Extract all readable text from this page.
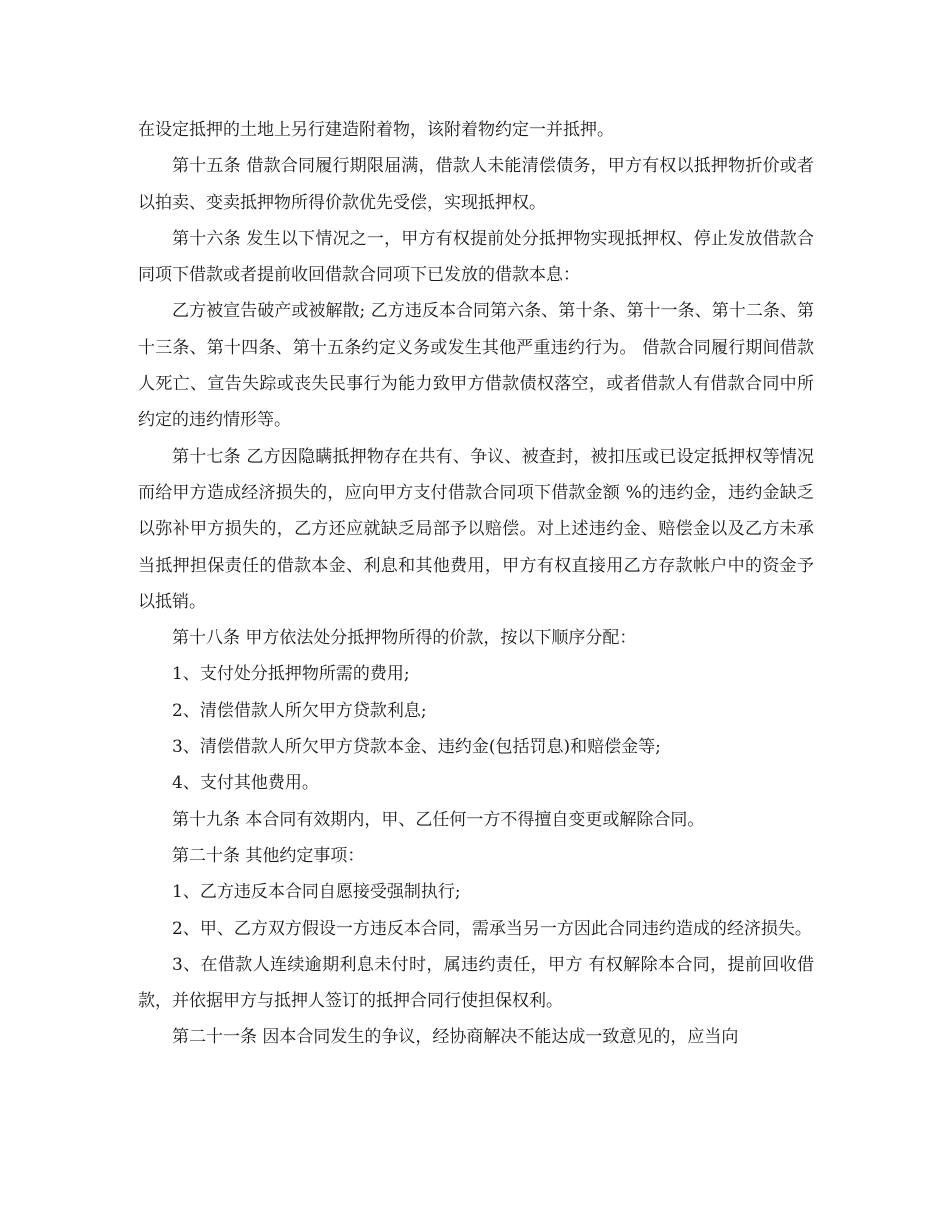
在设定抵押的土地上另行建造附着物，该附着物约定一并抵押。

第十五条 借款合同履行期限届满，借款人未能清偿债务，甲方有权以抵押物折价或者以拍卖、变卖抵押物所得价款优先受偿，实现抵押权。

第十六条 发生以下情况之一，甲方有权提前处分抵押物实现抵押权、停止发放借款合同项下借款或者提前收回借款合同项下已发放的借款本息：

乙方被宣告破产或被解散; 乙方违反本合同第六条、第十条、第十一条、第十二条、第十三条、第十四条、第十五条约定义务或发生其他严重违约行为。 借款合同履行期间借款人死亡、宣告失踪或丧失民事行为能力致甲方借款债权落空，或者借款人有借款合同中所约定的违约情形等。

第十七条 乙方因隐瞒抵押物存在共有、争议、被查封，被扣压或已设定抵押权等情况而给甲方造成经济损失的，应向甲方支付借款合同项下借款金额 %的违约金，违约金缺乏以弥补甲方损失的，乙方还应就缺乏局部予以赔偿。对上述违约金、赔偿金以及乙方未承当抵押担保责任的借款本金、利息和其他费用，甲方有权直接用乙方存款帐户中的资金予以抵销。

第十八条 甲方依法处分抵押物所得的价款，按以下顺序分配：

1、支付处分抵押物所需的费用;

2、清偿借款人所欠甲方贷款利息;

3、清偿借款人所欠甲方贷款本金、违约金(包括罚息)和赔偿金等;

4、支付其他费用。

第十九条 本合同有效期内，甲、乙任何一方不得擅自变更或解除合同。

第二十条 其他约定事项：

1、乙方违反本合同自愿接受强制执行;

2、甲、乙方双方假设一方违反本合同，需承当另一方因此合同违约造成的经济损失。

3、在借款人连续逾期利息未付时，属违约责任，甲方 有权解除本合同，提前回收借款，并依据甲方与抵押人签订的抵押合同行使担保权利。

第二十一条 因本合同发生的争议，经协商解决不能达成一致意见的，应当向
